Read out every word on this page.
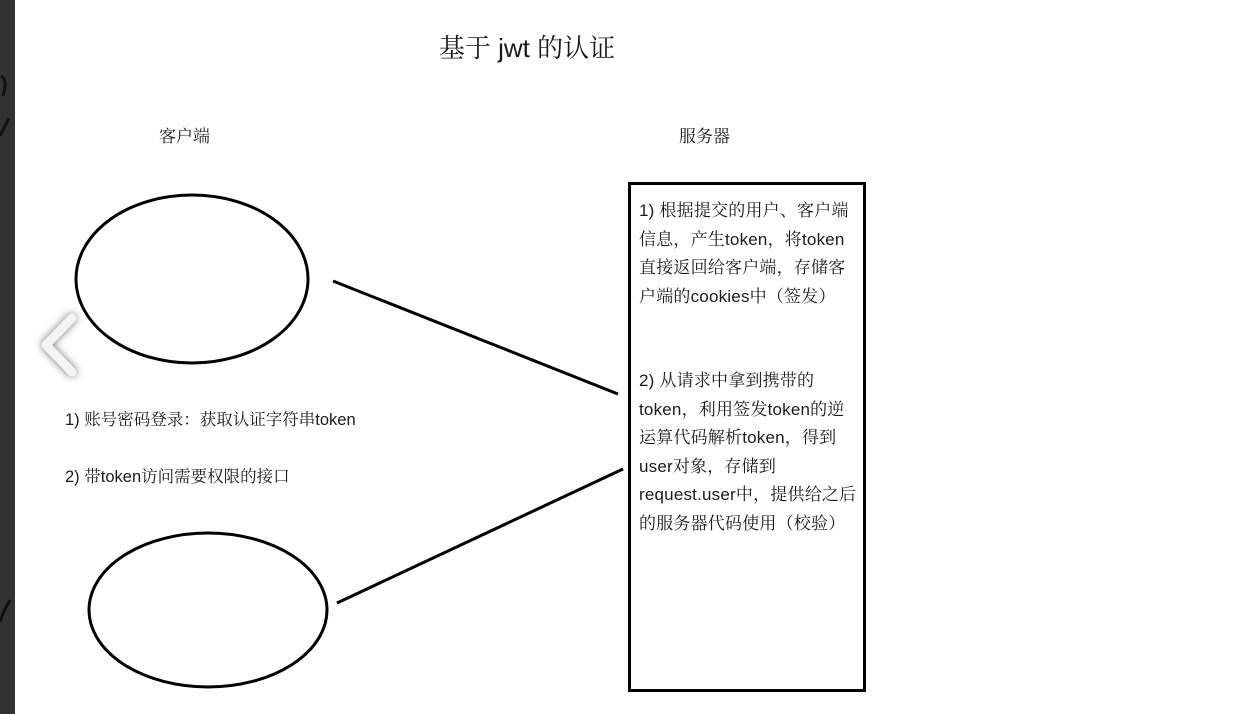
基于 jwt 的认证
客户端	服务器

1) 根据提交的用户、客户端信息，产生token，将token直接返回给客户端，存储客户端的cookies中（签发）

2) 从请求中拿到携带的token，利用签发token的逆运算代码解析token，得到user对象，存储到request.user中，提供给之后的服务器代码使用（校验）

1) 账号密码登录：获取认证字符串token
2) 带token访问需要权限的接口
